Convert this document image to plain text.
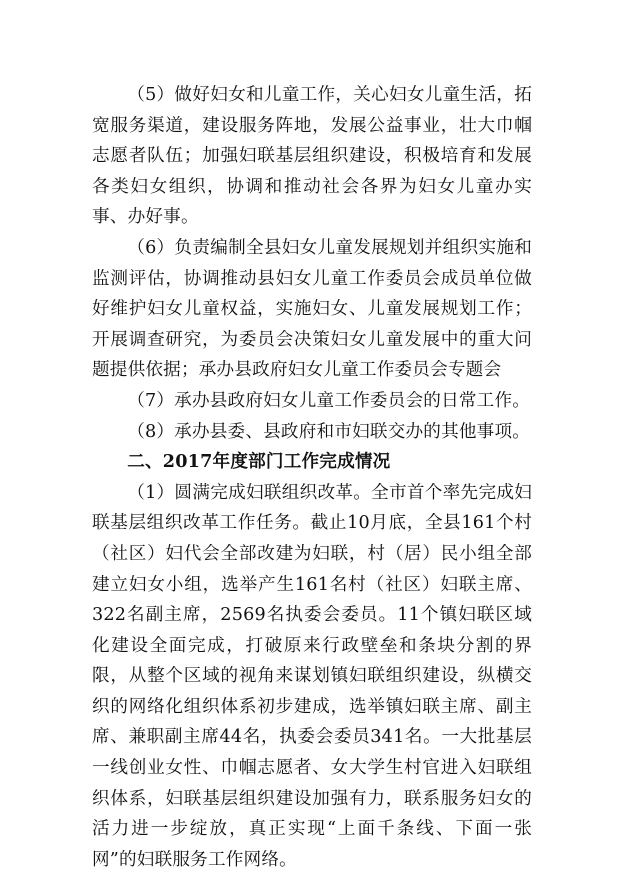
（5）做好妇女和儿童工作，关心妇女儿童生活，拓宽服务渠道，建设服务阵地，发展公益事业，壮大巾帼志愿者队伍；加强妇联基层组织建设，积极培育和发展各类妇女组织，协调和推动社会各界为妇女儿童办实事、办好事。

（6）负责编制全县妇女儿童发展规划并组织实施和监测评估，协调推动县妇女儿童工作委员会成员单位做好维护妇女儿童权益，实施妇女、儿童发展规划工作；开展调查研究，为委员会决策妇女儿童发展中的重大问题提供依据；承办县政府妇女儿童工作委员会专题会

（7）承办县政府妇女儿童工作委员会的日常工作。

（8）承办县委、县政府和市妇联交办的其他事项。

二、2017年度部门工作完成情况

（1）圆满完成妇联组织改革。全市首个率先完成妇联基层组织改革工作任务。截止10月底，全县161个村（社区）妇代会全部改建为妇联，村（居）民小组全部建立妇女小组，选举产生161名村（社区）妇联主席、322名副主席，2569名执委会委员。11个镇妇联区域化建设全面完成，打破原来行政壁垒和条块分割的界限，从整个区域的视角来谋划镇妇联组织建设，纵横交织的网络化组织体系初步建成，选举镇妇联主席、副主席、兼职副主席44名，执委会委员341名。一大批基层一线创业女性、巾帼志愿者、女大学生村官进入妇联组织体系，妇联基层组织建设加强有力，联系服务妇女的活力进一步绽放，真正实现“上面千条线、下面一张网”的妇联服务工作网络。
